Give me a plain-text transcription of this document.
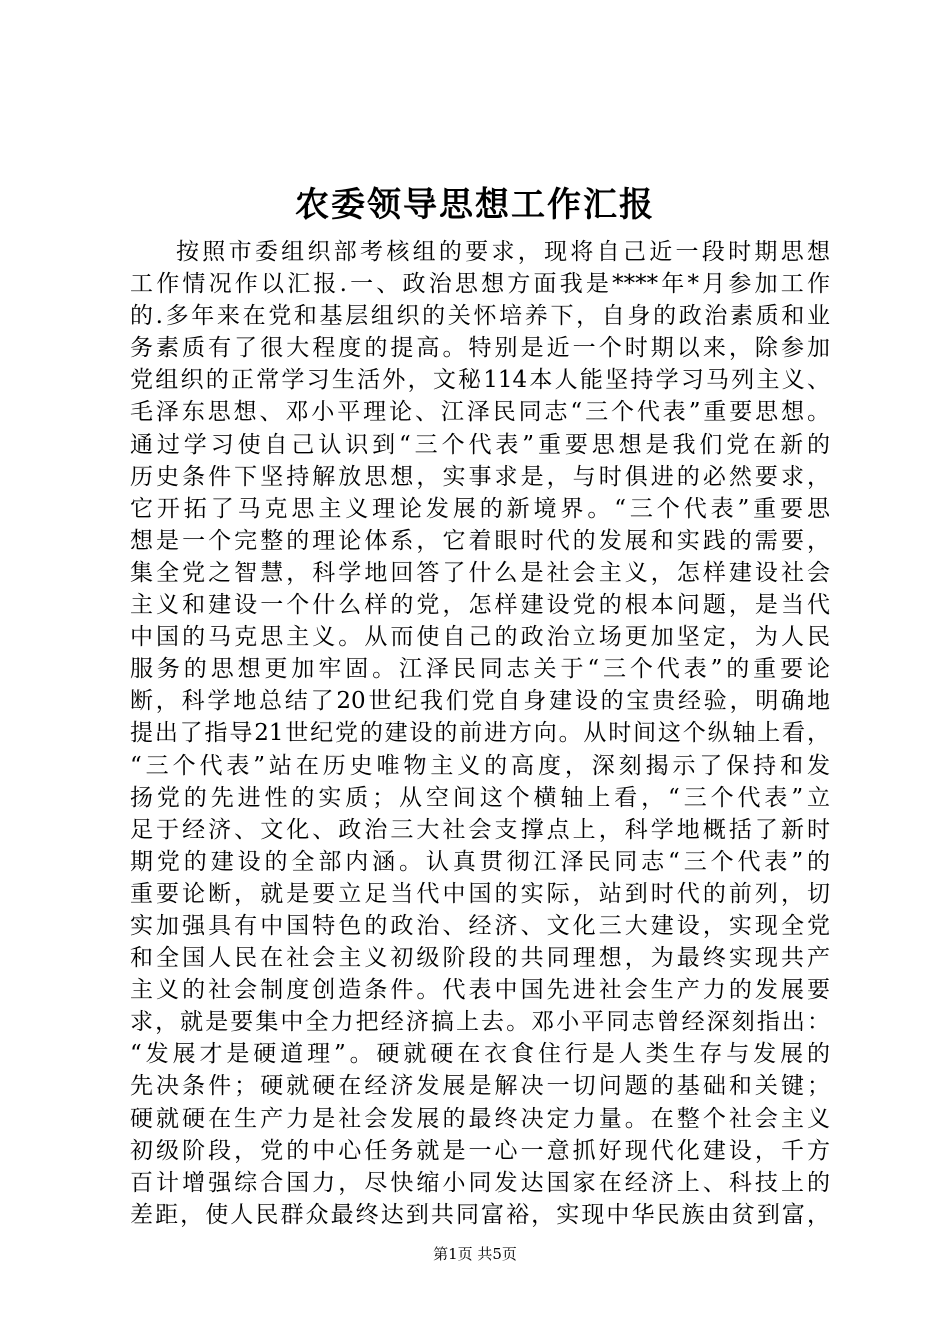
农委领导思想工作汇报
按照市委组织部考核组的要求，现将自己近一段时期思想
工作情况作以汇报.一、政治思想方面我是****年*月参加工作
的.多年来在党和基层组织的关怀培养下，自身的政治素质和业
务素质有了很大程度的提高。特别是近一个时期以来，除参加
党组织的正常学习生活外，文秘114本人能坚持学习马列主义、
毛泽东思想、邓小平理论、江泽民同志“三个代表”重要思想。
通过学习使自己认识到“三个代表”重要思想是我们党在新的
历史条件下坚持解放思想，实事求是，与时俱进的必然要求，
它开拓了马克思主义理论发展的新境界。“三个代表”重要思
想是一个完整的理论体系，它着眼时代的发展和实践的需要，
集全党之智慧，科学地回答了什么是社会主义，怎样建设社会
主义和建设一个什么样的党，怎样建设党的根本问题，是当代
中国的马克思主义。从而使自己的政治立场更加坚定，为人民
服务的思想更加牢固。江泽民同志关于“三个代表”的重要论
断，科学地总结了20世纪我们党自身建设的宝贵经验，明确地
提出了指导21世纪党的建设的前进方向。从时间这个纵轴上看，
“三个代表”站在历史唯物主义的高度，深刻揭示了保持和发
扬党的先进性的实质；从空间这个横轴上看，“三个代表”立
足于经济、文化、政治三大社会支撑点上，科学地概括了新时
期党的建设的全部内涵。认真贯彻江泽民同志“三个代表”的
重要论断，就是要立足当代中国的实际，站到时代的前列，切
实加强具有中国特色的政治、经济、文化三大建设，实现全党
和全国人民在社会主义初级阶段的共同理想，为最终实现共产
主义的社会制度创造条件。代表中国先进社会生产力的发展要
求，就是要集中全力把经济搞上去。邓小平同志曾经深刻指出：
“发展才是硬道理”。硬就硬在衣食住行是人类生存与发展的
先决条件；硬就硬在经济发展是解决一切问题的基础和关键；
硬就硬在生产力是社会发展的最终决定力量。在整个社会主义
初级阶段，党的中心任务就是一心一意抓好现代化建设，千方
百计增强综合国力，尽快缩小同发达国家在经济上、科技上的
差距，使人民群众最终达到共同富裕，实现中华民族由贫到富，
第1页 共5页
